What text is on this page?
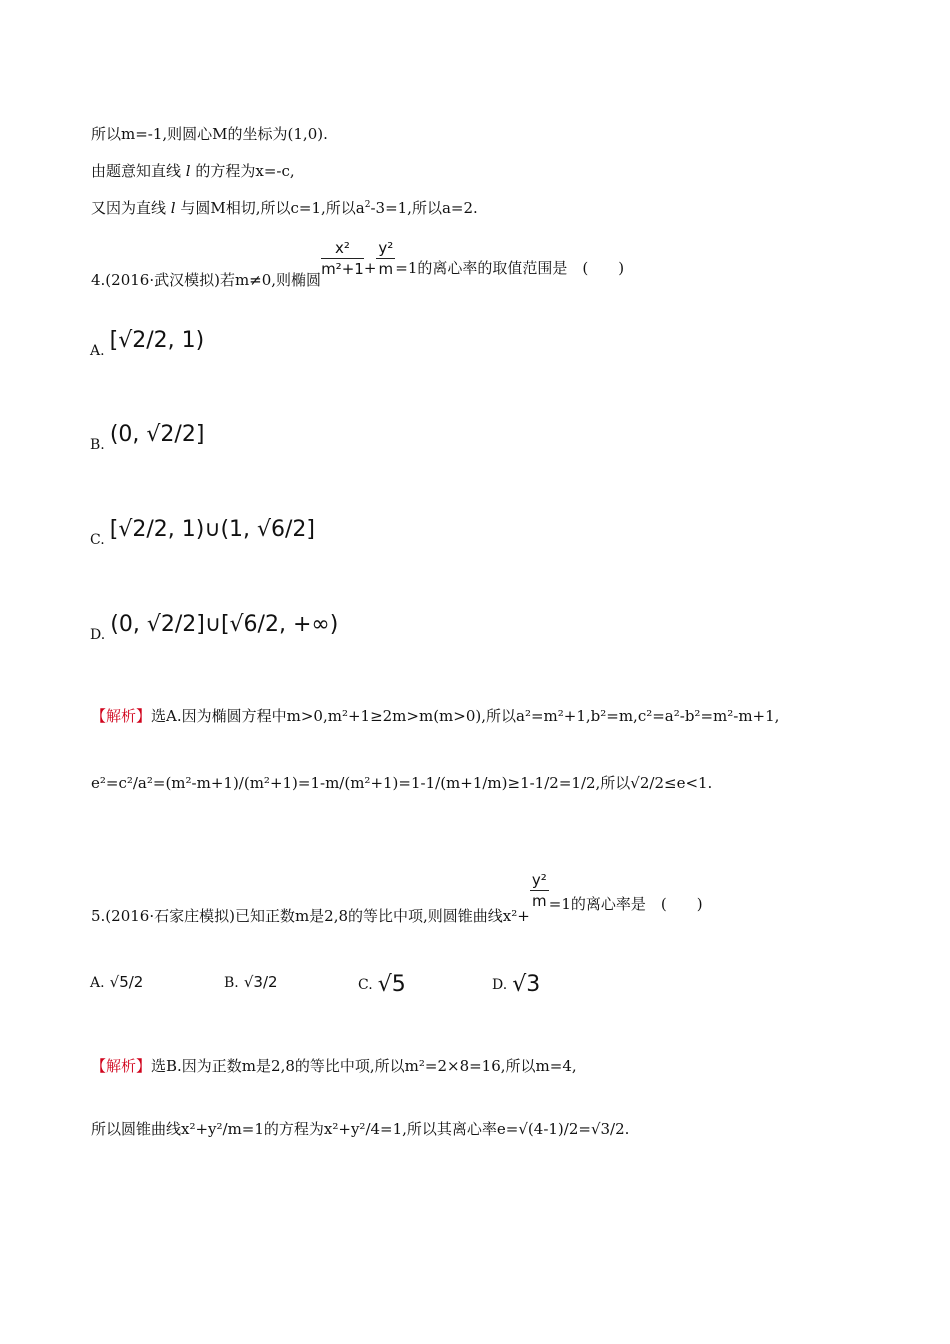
所以m=-1,则圆心M的坐标为(1,0).
由题意知直线 l 的方程为x=-c,
又因为直线 l 与圆M相切,所以c=1,所以$a^2-3=1$,所以a=2.
4.(2016·武汉模拟)若m≠0,则椭圆
$\frac{\text{x²}}{\text{m²+1}} + \frac{\text{y²}}{m} =1$的离心率的取值范围是　(　　)
A. [√2/2, 1)
B. (0, √2/2]
C. [√2/2, 1)∪(1, √6/2]
D. (0, √2/2]∪[√6/2, +∞)
【解析】选A.因为椭圆方程中m>0,m²+1≥2m>m(m>0),所以a²=m²+1,b²=m,c²=a²-b²=m²-m+1,
e²=c²/a²=(m²-m+1)/(m²+1)=1-m/(m²+1)=1-1/(m+1/m)≥1-1/2=1/2,所以√2/2≤e<1.
5.(2016·石家庄模拟)已知正数m是2,8的等比中项,则圆锥曲线x²+
$\frac{\text{y²}}{m} =1$的离心率是　(　　)
A. √5/2	B. √3/2	C. √5	D. √3
【解析】选B.因为正数m是2,8的等比中项,所以m²=2×8=16,所以m=4,
所以圆锥曲线x²+y²/m=1的方程为x²+y²/4=1,所以其离心率e=√(4-1)/2=√3/2.
